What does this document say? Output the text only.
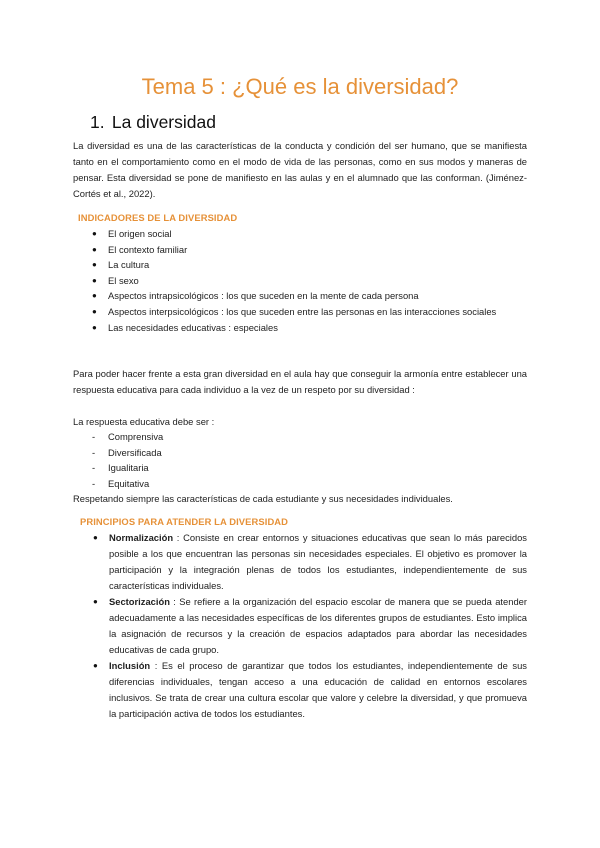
Tema 5 : ¿Qué es la diversidad?
1. La diversidad

La diversidad es una de las características de la conducta y condición del ser humano, que se manifiesta tanto en el comportamiento como en el modo de vida de las personas, como en sus modos y maneras de pensar. Esta diversidad se pone de manifiesto en las aulas y en el alumnado que las conforman. (Jiménez- Cortés et al., 2022).

INDICADORES DE LA DIVERSIDAD
● El origen social
● El contexto familiar
● La cultura
● El sexo
● Aspectos intrapsicológicos : los que suceden en la mente de cada persona
● Aspectos interpsicológicos : los que suceden entre las personas en las interacciones sociales
● Las necesidades educativas : especiales

Para poder hacer frente a esta gran diversidad en el aula hay que conseguir la armonía entre establecer una respuesta educativa para cada individuo a la vez de un respeto por su diversidad :

La respuesta educativa debe ser :

- Comprensiva
- Diversificada
- Igualitaria
- Equitativa

Respetando siempre las características de cada estudiante y sus necesidades individuales.

PRINCIPIOS PARA ATENDER LA DIVERSIDAD
● Normalización : Consiste en crear entornos y situaciones educativas que sean lo más parecidos posible a los que encuentran las personas sin necesidades especiales. El objetivo es promover la participación y la integración plenas de todos los estudiantes, independientemente de sus características individuales.
● Sectorización : Se refiere a la organización del espacio escolar de manera que se pueda atender adecuadamente a las necesidades específicas de los diferentes grupos de estudiantes. Esto implica la asignación de recursos y la creación de espacios adaptados para abordar las necesidades educativas de cada grupo.
● Inclusión : Es el proceso de garantizar que todos los estudiantes, independientemente de sus diferencias individuales, tengan acceso a una educación de calidad en entornos escolares inclusivos. Se trata de crear una cultura escolar que valore y celebre la diversidad, y que promueva la participación activa de todos los estudiantes.
